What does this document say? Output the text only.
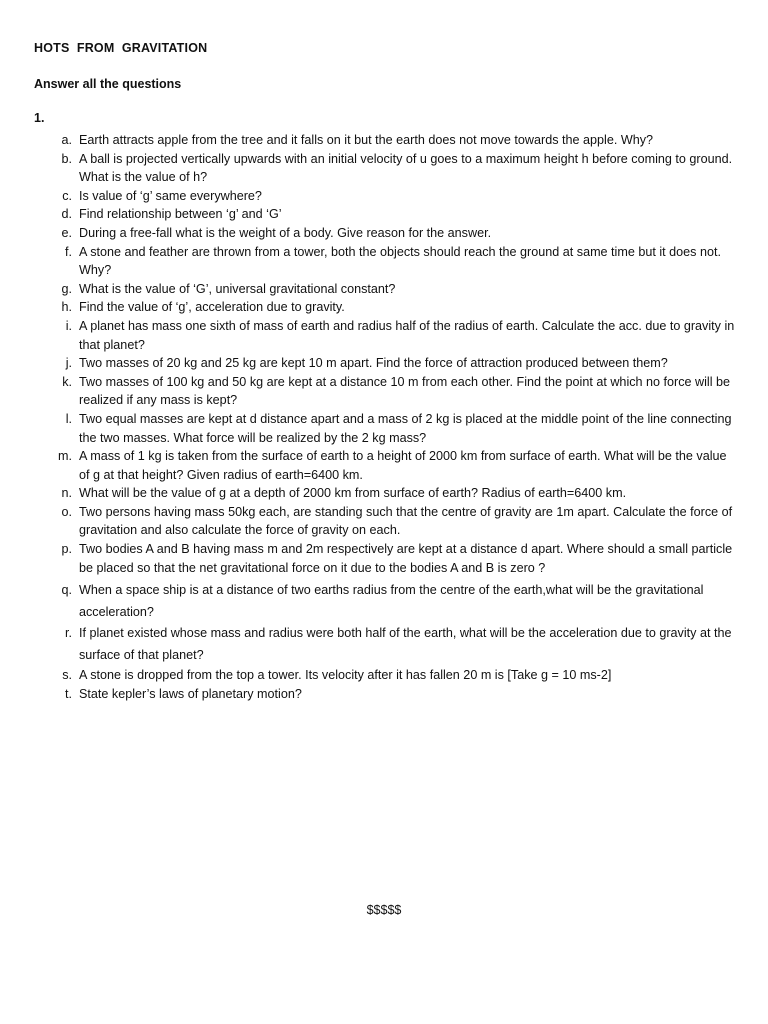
HOTS  FROM  GRAVITATION
Answer all the questions
1.
a. Earth attracts apple from the tree and it falls on it but the earth does not move towards the apple. Why?
b. A ball is projected vertically upwards with an initial velocity of u goes to a maximum height h before coming to ground. What is the value of h?
c. Is value of ‘g’ same everywhere?
d. Find relationship between ‘g’ and ‘G’
e. During a free-fall what is the weight of a body. Give reason for the answer.
f. A stone and feather are thrown from a tower, both the objects should reach the ground at same time but it does not. Why?
g. What is the value of ‘G’, universal gravitational constant?
h. Find the value of ‘g’, acceleration due to gravity.
i. A planet has mass one sixth of mass of earth and radius half of the radius of earth. Calculate the acc. due to gravity in that planet?
j. Two masses of 20 kg and 25 kg are kept 10 m apart. Find the force of attraction produced between them?
k. Two masses of 100 kg and 50 kg are kept at a distance 10 m from each other. Find the point at which no force will be realized if any mass is kept?
l. Two equal masses are kept at d distance apart and a mass of 2 kg is placed at the middle point of the line connecting the two masses. What force will be realized by the 2 kg mass?
m. A mass of 1 kg is taken from the surface of earth to a height of 2000 km from surface of earth. What will be the value of g at that height? Given radius of earth=6400 km.
n. What will be the value of g at a depth of 2000 km from surface of earth? Radius of earth=6400 km.
o. Two persons having mass 50kg each, are standing such that the centre of gravity are 1m apart. Calculate the force of gravitation and also calculate the force of gravity on each.
p. Two bodies A and B having mass m and 2m respectively are kept at a distance d apart. Where should a small particle be placed so that the net gravitational force on it due to the bodies A and B is zero ?
q. When a space ship is at a distance of two earths radius from the centre of the earth,what will be the gravitational acceleration?
r. If planet existed whose mass and radius were both half of the earth, what will be the acceleration due to gravity at the surface of that planet?
s. A stone is dropped from the top a tower. Its velocity after it has fallen 20 m is [Take g = 10 ms-2]
t. State kepler’s laws of planetary motion?
$$$$$
